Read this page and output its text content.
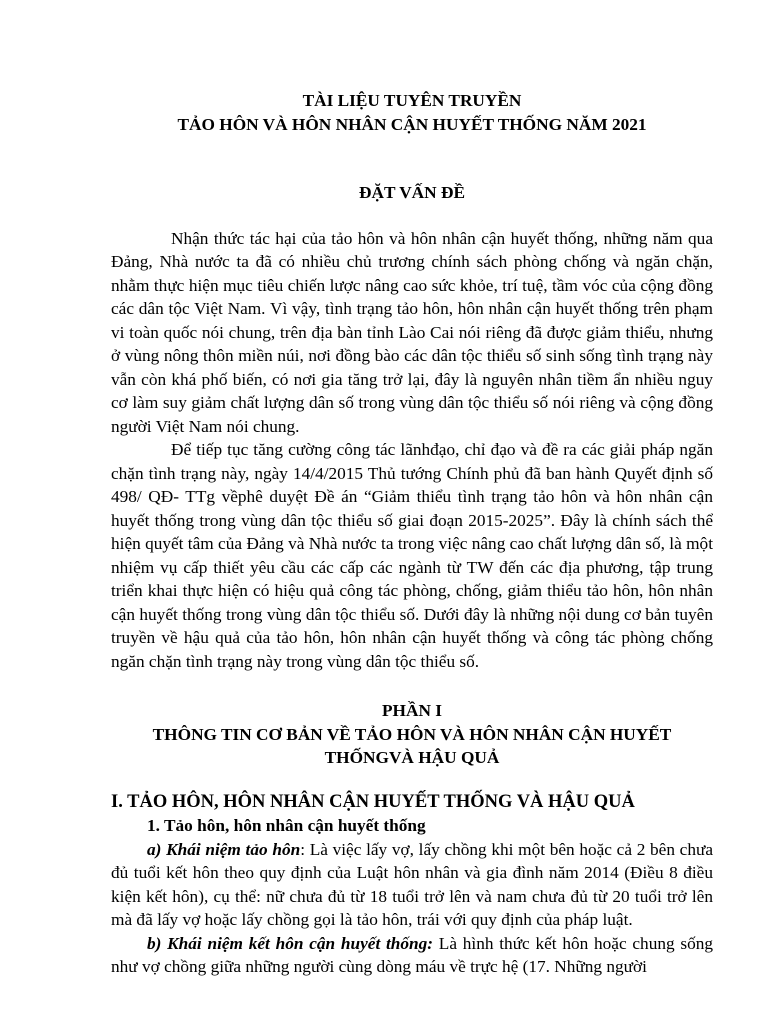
TÀI LIỆU TUYÊN TRUYỀN

TẢO HÔN VÀ HÔN NHÂN CẬN HUYẾT THỐNG NĂM 2021

ĐẶT VẤN ĐỀ

Nhận thức tác hại của tảo hôn và hôn nhân cận huyết thống, những năm qua Đảng, Nhà nước ta đã có nhiều chủ trương chính sách phòng chống và ngăn chặn, nhằm thực hiện mục tiêu chiến lược nâng cao sức khỏe, trí tuệ, tầm vóc của cộng đồng các dân tộc Việt Nam. Vì vậy, tình trạng tảo hôn, hôn nhân cận huyết thống trên phạm vi toàn quốc nói chung, trên địa bàn tỉnh Lào Cai nói riêng đã được giảm thiểu, nhưng ở vùng nông thôn miền núi, nơi đồng bào các dân tộc thiểu số sinh sống tình trạng này vẫn còn khá phố biến, có nơi gia tăng trở lại, đây là nguyên nhân tiềm ẩn nhiều nguy cơ làm suy giảm chất lượng dân số trong vùng dân tộc thiểu số nói riêng và cộng đồng người Việt Nam nói chung.

Để tiếp tục tăng cường công tác lãnhđạo, chỉ đạo và đề ra các giải pháp ngăn chặn tình trạng này, ngày 14/4/2015 Thủ tướng Chính phủ đã ban hành Quyết định số 498/ QĐ- TTg vềphê duyệt Đề án “Giảm thiểu tình trạng tảo hôn và hôn nhân cận huyết thống trong vùng dân tộc thiểu số giai đoạn 2015-2025”. Đây là chính sách thể hiện quyết tâm của Đảng và Nhà nước ta trong việc nâng cao chất lượng dân số, là một nhiệm vụ cấp thiết yêu cầu các cấp các ngành từ TW đến các địa phương, tập trung triển khai thực hiện có hiệu quả công tác phòng, chống, giảm thiểu tảo hôn, hôn nhân cận huyết thống trong vùng dân tộc thiểu số. Dưới đây là những nội dung cơ bản tuyên truyền về hậu quả của tảo hôn, hôn nhân cận huyết thống và công tác phòng chống ngăn chặn tình trạng này trong vùng dân tộc thiểu số.

PHẦN I

THÔNG TIN CƠ BẢN VỀ TẢO HÔN VÀ HÔN NHÂN CẬN HUYẾT

THỐNGVÀ HẬU QUẢ

I. TẢO HÔN, HÔN NHÂN CẬN HUYẾT THỐNG VÀ HẬU QUẢ

1. Tảo hôn, hôn nhân cận huyết thống

a) Khái niệm tảo hôn: Là việc lấy vợ, lấy chồng khi một bên hoặc cả 2 bên chưa đủ tuổi kết hôn theo quy định của Luật hôn nhân và gia đình năm 2014 (Điều 8 điều kiện kết hôn), cụ thể: nữ chưa đủ từ 18 tuổi trở lên và nam chưa đủ từ 20 tuổi trở lên mà đã lấy vợ hoặc lấy chồng gọi là tảo hôn, trái với quy định của pháp luật.

b) Khái niệm kết hôn cận huyết thống: Là hình thức kết hôn hoặc chung sống như vợ chồng giữa những người cùng dòng máu về trực hệ (17. Những người
